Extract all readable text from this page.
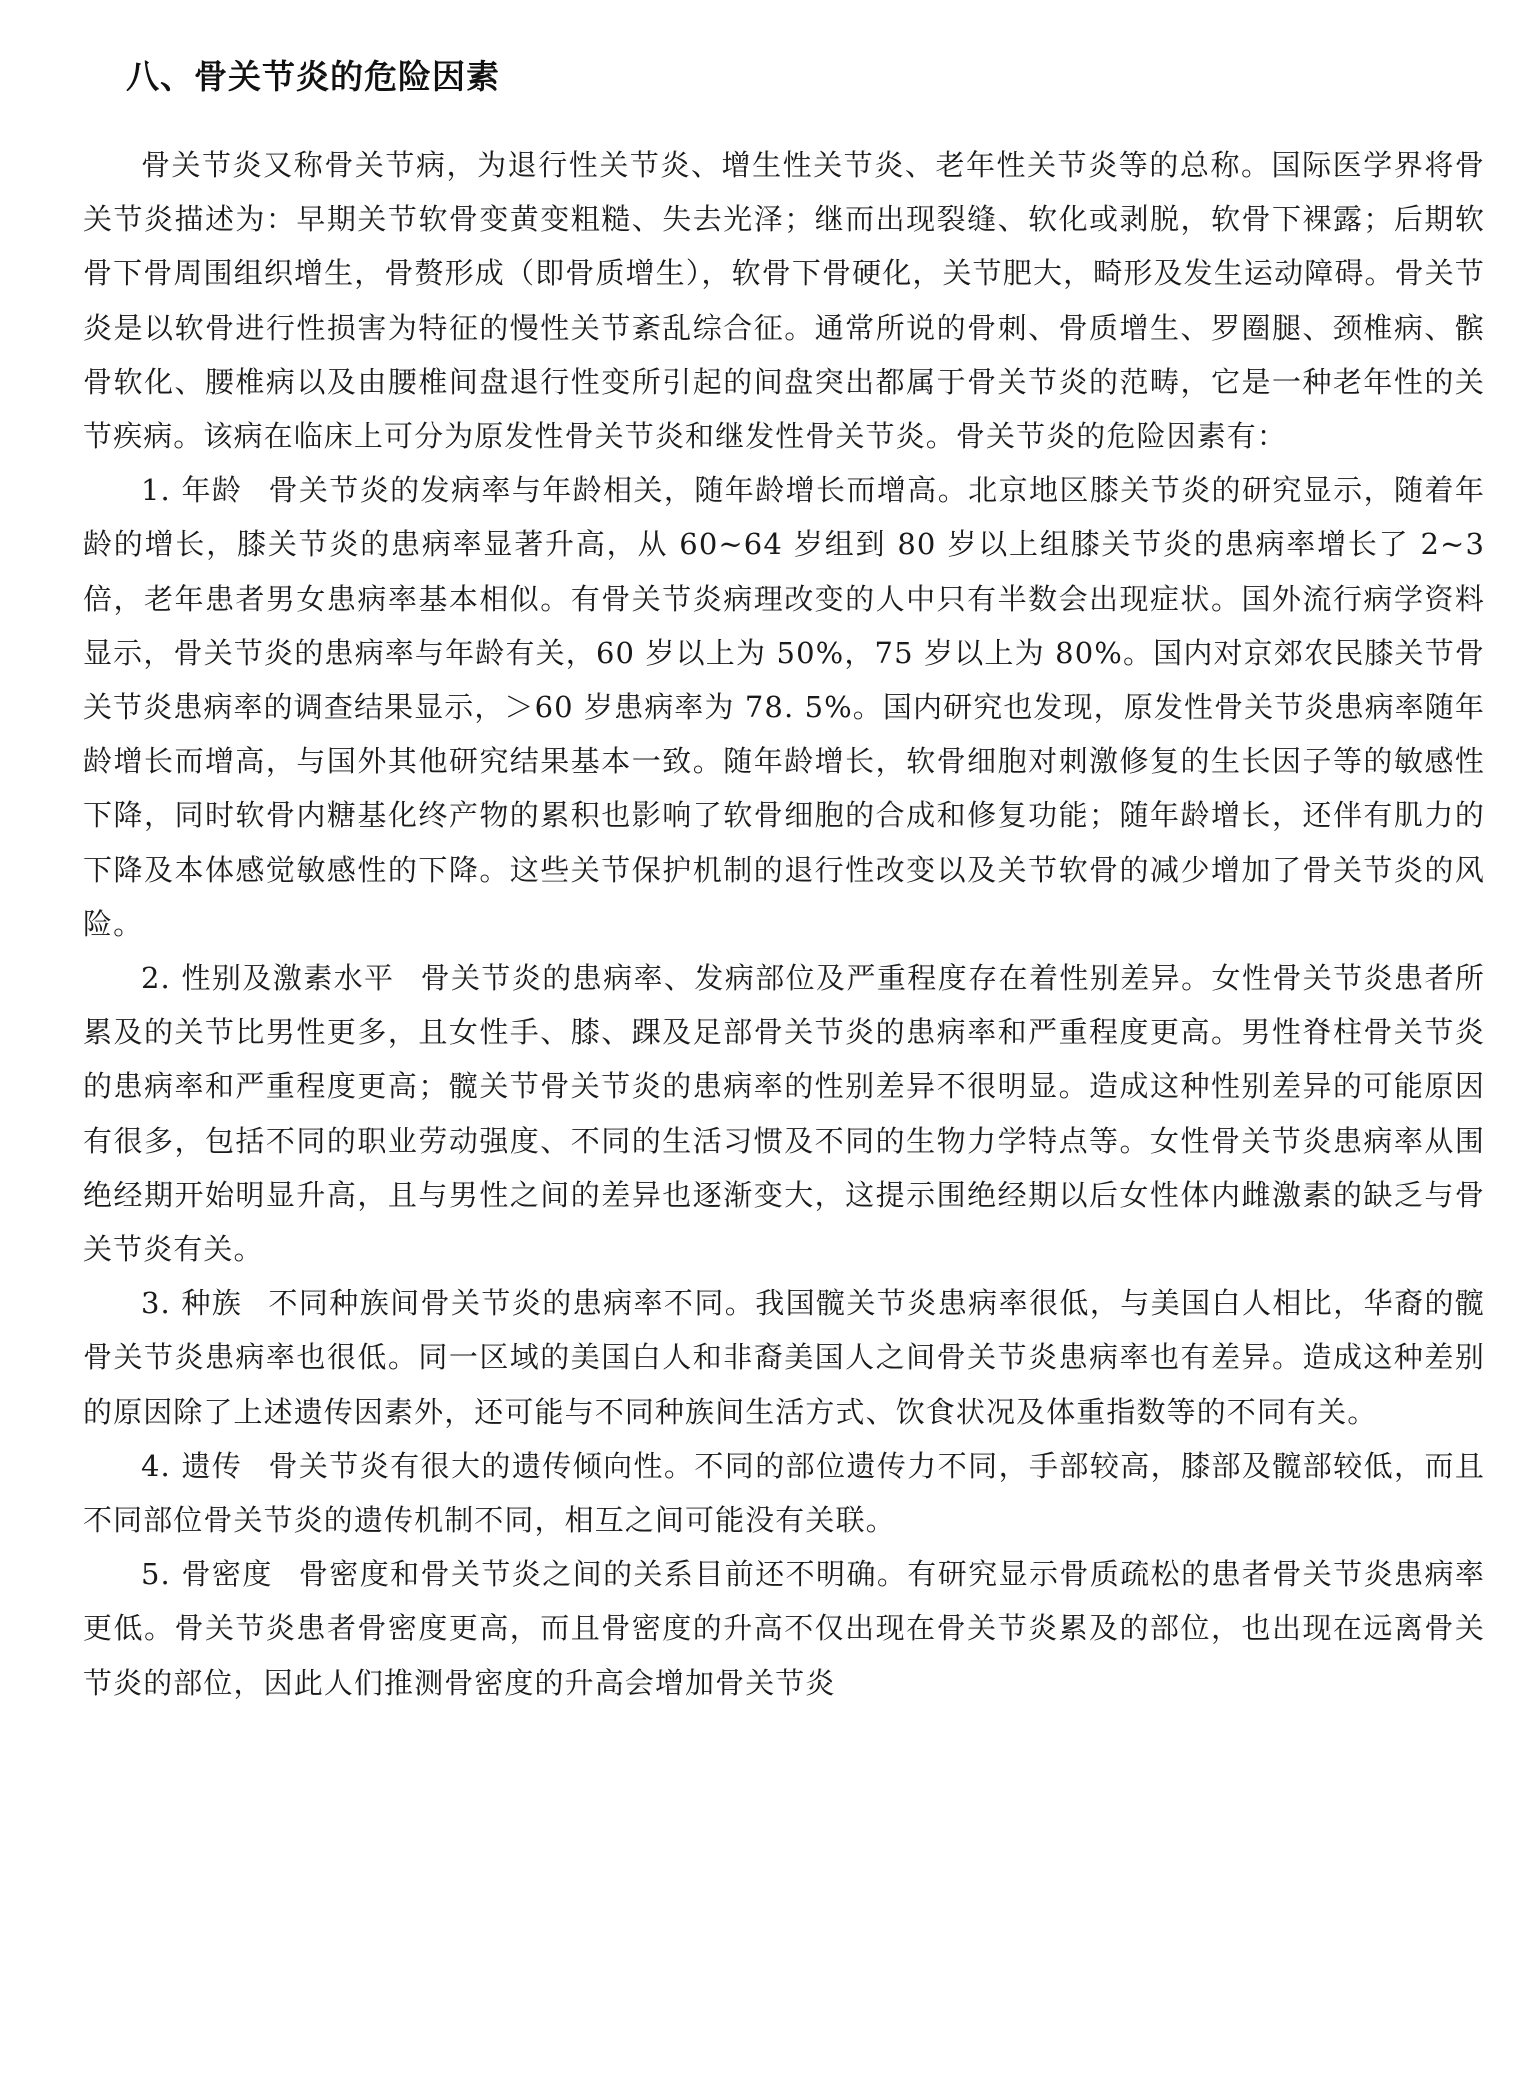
八、骨关节炎的危险因素

骨关节炎又称骨关节病，为退行性关节炎、增生性关节炎、老年性关节炎等的总称。国际医学界将骨关节炎描述为：早期关节软骨变黄变粗糙、失去光泽；继而出现裂缝、软化或剥脱，软骨下裸露；后期软骨下骨周围组织增生，骨赘形成（即骨质增生），软骨下骨硬化，关节肥大，畸形及发生运动障碍。骨关节炎是以软骨进行性损害为特征的慢性关节紊乱综合征。通常所说的骨刺、骨质增生、罗圈腿、颈椎病、髌骨软化、腰椎病以及由腰椎间盘退行性变所引起的间盘突出都属于骨关节炎的范畴，它是一种老年性的关节疾病。该病在临床上可分为原发性骨关节炎和继发性骨关节炎。骨关节炎的危险因素有：

1. 年龄 骨关节炎的发病率与年龄相关，随年龄增长而增高。北京地区膝关节炎的研究显示，随着年龄的增长，膝关节炎的患病率显著升高，从 60~64 岁组到 80 岁以上组膝关节炎的患病率增长了 2~3 倍，老年患者男女患病率基本相似。有骨关节炎病理改变的人中只有半数会出现症状。国外流行病学资料显示，骨关节炎的患病率与年龄有关，60 岁以上为 50%，75 岁以上为 80%。国内对京郊农民膝关节骨关节炎患病率的调查结果显示，＞60 岁患病率为 78. 5%。国内研究也发现，原发性骨关节炎患病率随年龄增长而增高，与国外其他研究结果基本一致。随年龄增长，软骨细胞对刺激修复的生长因子等的敏感性下降，同时软骨内糖基化终产物的累积也影响了软骨细胞的合成和修复功能；随年龄增长，还伴有肌力的下降及本体感觉敏感性的下降。这些关节保护机制的退行性改变以及关节软骨的减少增加了骨关节炎的风险。

2. 性别及激素水平 骨关节炎的患病率、发病部位及严重程度存在着性别差异。女性骨关节炎患者所累及的关节比男性更多，且女性手、膝、踝及足部骨关节炎的患病率和严重程度更高。男性脊柱骨关节炎的患病率和严重程度更高；髋关节骨关节炎的患病率的性别差异不很明显。造成这种性别差异的可能原因有很多，包括不同的职业劳动强度、不同的生活习惯及不同的生物力学特点等。女性骨关节炎患病率从围绝经期开始明显升高，且与男性之间的差异也逐渐变大，这提示围绝经期以后女性体内雌激素的缺乏与骨关节炎有关。

3. 种族 不同种族间骨关节炎的患病率不同。我国髋关节炎患病率很低，与美国白人相比，华裔的髋骨关节炎患病率也很低。同一区域的美国白人和非裔美国人之间骨关节炎患病率也有差异。造成这种差别的原因除了上述遗传因素外，还可能与不同种族间生活方式、饮食状况及体重指数等的不同有关。

4. 遗传 骨关节炎有很大的遗传倾向性。不同的部位遗传力不同，手部较高，膝部及髋部较低，而且不同部位骨关节炎的遗传机制不同，相互之间可能没有关联。

5. 骨密度 骨密度和骨关节炎之间的关系目前还不明确。有研究显示骨质疏松的患者骨关节炎患病率更低。骨关节炎患者骨密度更高，而且骨密度的升高不仅出现在骨关节炎累及的部位，也出现在远离骨关节炎的部位，因此人们推测骨密度的升高会增加骨关节炎
